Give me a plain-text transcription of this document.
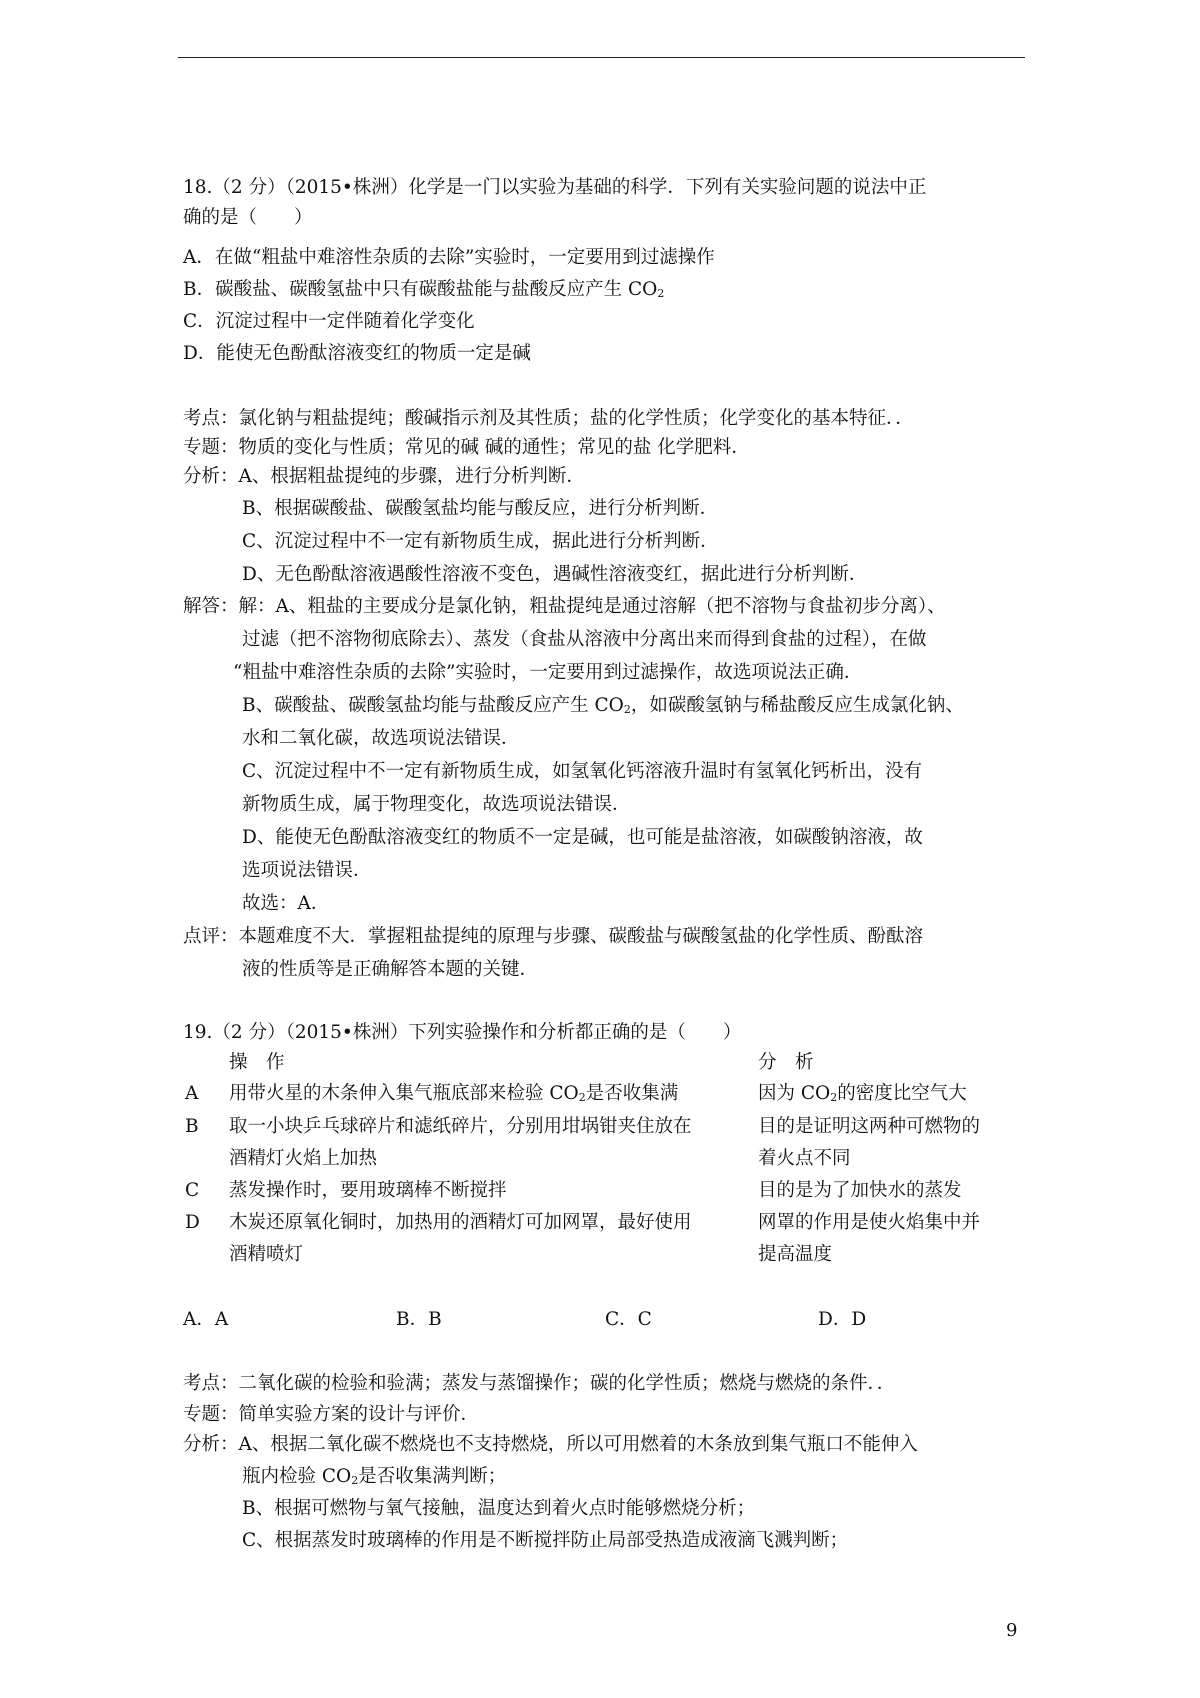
18.（2 分）（2015•株洲）化学是一门以实验为基础的科学．下列有关实验问题的说法中正
确的是（　　）
A．在做“粗盐中难溶性杂质的去除”实验时，一定要用到过滤操作
B．碳酸盐、碳酸氢盐中只有碳酸盐能与盐酸反应产生 $CO_2$
C．沉淀过程中一定伴随着化学变化
D．能使无色酚酞溶液变红的物质一定是碱
考点：氯化钠与粗盐提纯；酸碱指示剂及其性质；盐的化学性质；化学变化的基本特征．．
专题：物质的变化与性质；常见的碱 碱的通性；常见的盐 化学肥料．
分析：A、根据粗盐提纯的步骤，进行分析判断．
B、根据碳酸盐、碳酸氢盐均能与酸反应，进行分析判断．
C、沉淀过程中不一定有新物质生成，据此进行分析判断．
D、无色酚酞溶液遇酸性溶液不变色，遇碱性溶液变红，据此进行分析判断．
解答：解：A、粗盐的主要成分是氯化钠，粗盐提纯是通过溶解（把不溶物与食盐初步分离）、
过滤（把不溶物彻底除去）、蒸发（食盐从溶液中分离出来而得到食盐的过程），在做
“粗盐中难溶性杂质的去除”实验时，一定要用到过滤操作，故选项说法正确．
B、碳酸盐、碳酸氢盐均能与盐酸反应产生 $CO_2$，如碳酸氢钠与稀盐酸反应生成氯化钠、
水和二氧化碳，故选项说法错误．
C、沉淀过程中不一定有新物质生成，如氢氧化钙溶液升温时有氢氧化钙析出，没有
新物质生成，属于物理变化，故选项说法错误．
D、能使无色酚酞溶液变红的物质不一定是碱，也可能是盐溶液，如碳酸钠溶液，故
选项说法错误．
故选：A．
点评：本题难度不大．掌握粗盐提纯的原理与步骤、碳酸盐与碳酸氢盐的化学性质、酚酞溶
液的性质等是正确解答本题的关键．
19.（2 分）（2015•株洲）下列实验操作和分析都正确的是（　　）
操　作	分　析
A 用带火星的木条伸入集气瓶底部来检验 $CO_2$是否收集满	因为 $CO_2$的密度比空气大
B 取一小块乒乓球碎片和滤纸碎片，分别用坩埚钳夹住放在	目的是证明这两种可燃物的
酒精灯火焰上加热	着火点不同
C 蒸发操作时，要用玻璃棒不断搅拌	目的是为了加快水的蒸发
D 木炭还原氧化铜时，加热用的酒精灯可加网罩，最好使用	网罩的作用是使火焰集中并
酒精喷灯	提高温度
A．A	B．B	C．C	D．D
考点：二氧化碳的检验和验满；蒸发与蒸馏操作；碳的化学性质；燃烧与燃烧的条件．．
专题：简单实验方案的设计与评价．
分析：A、根据二氧化碳不燃烧也不支持燃烧，所以可用燃着的木条放到集气瓶口不能伸入
瓶内检验 $CO_2$是否收集满判断；
B、根据可燃物与氧气接触，温度达到着火点时能够燃烧分析；
C、根据蒸发时玻璃棒的作用是不断搅拌防止局部受热造成液滴飞溅判断；
9
